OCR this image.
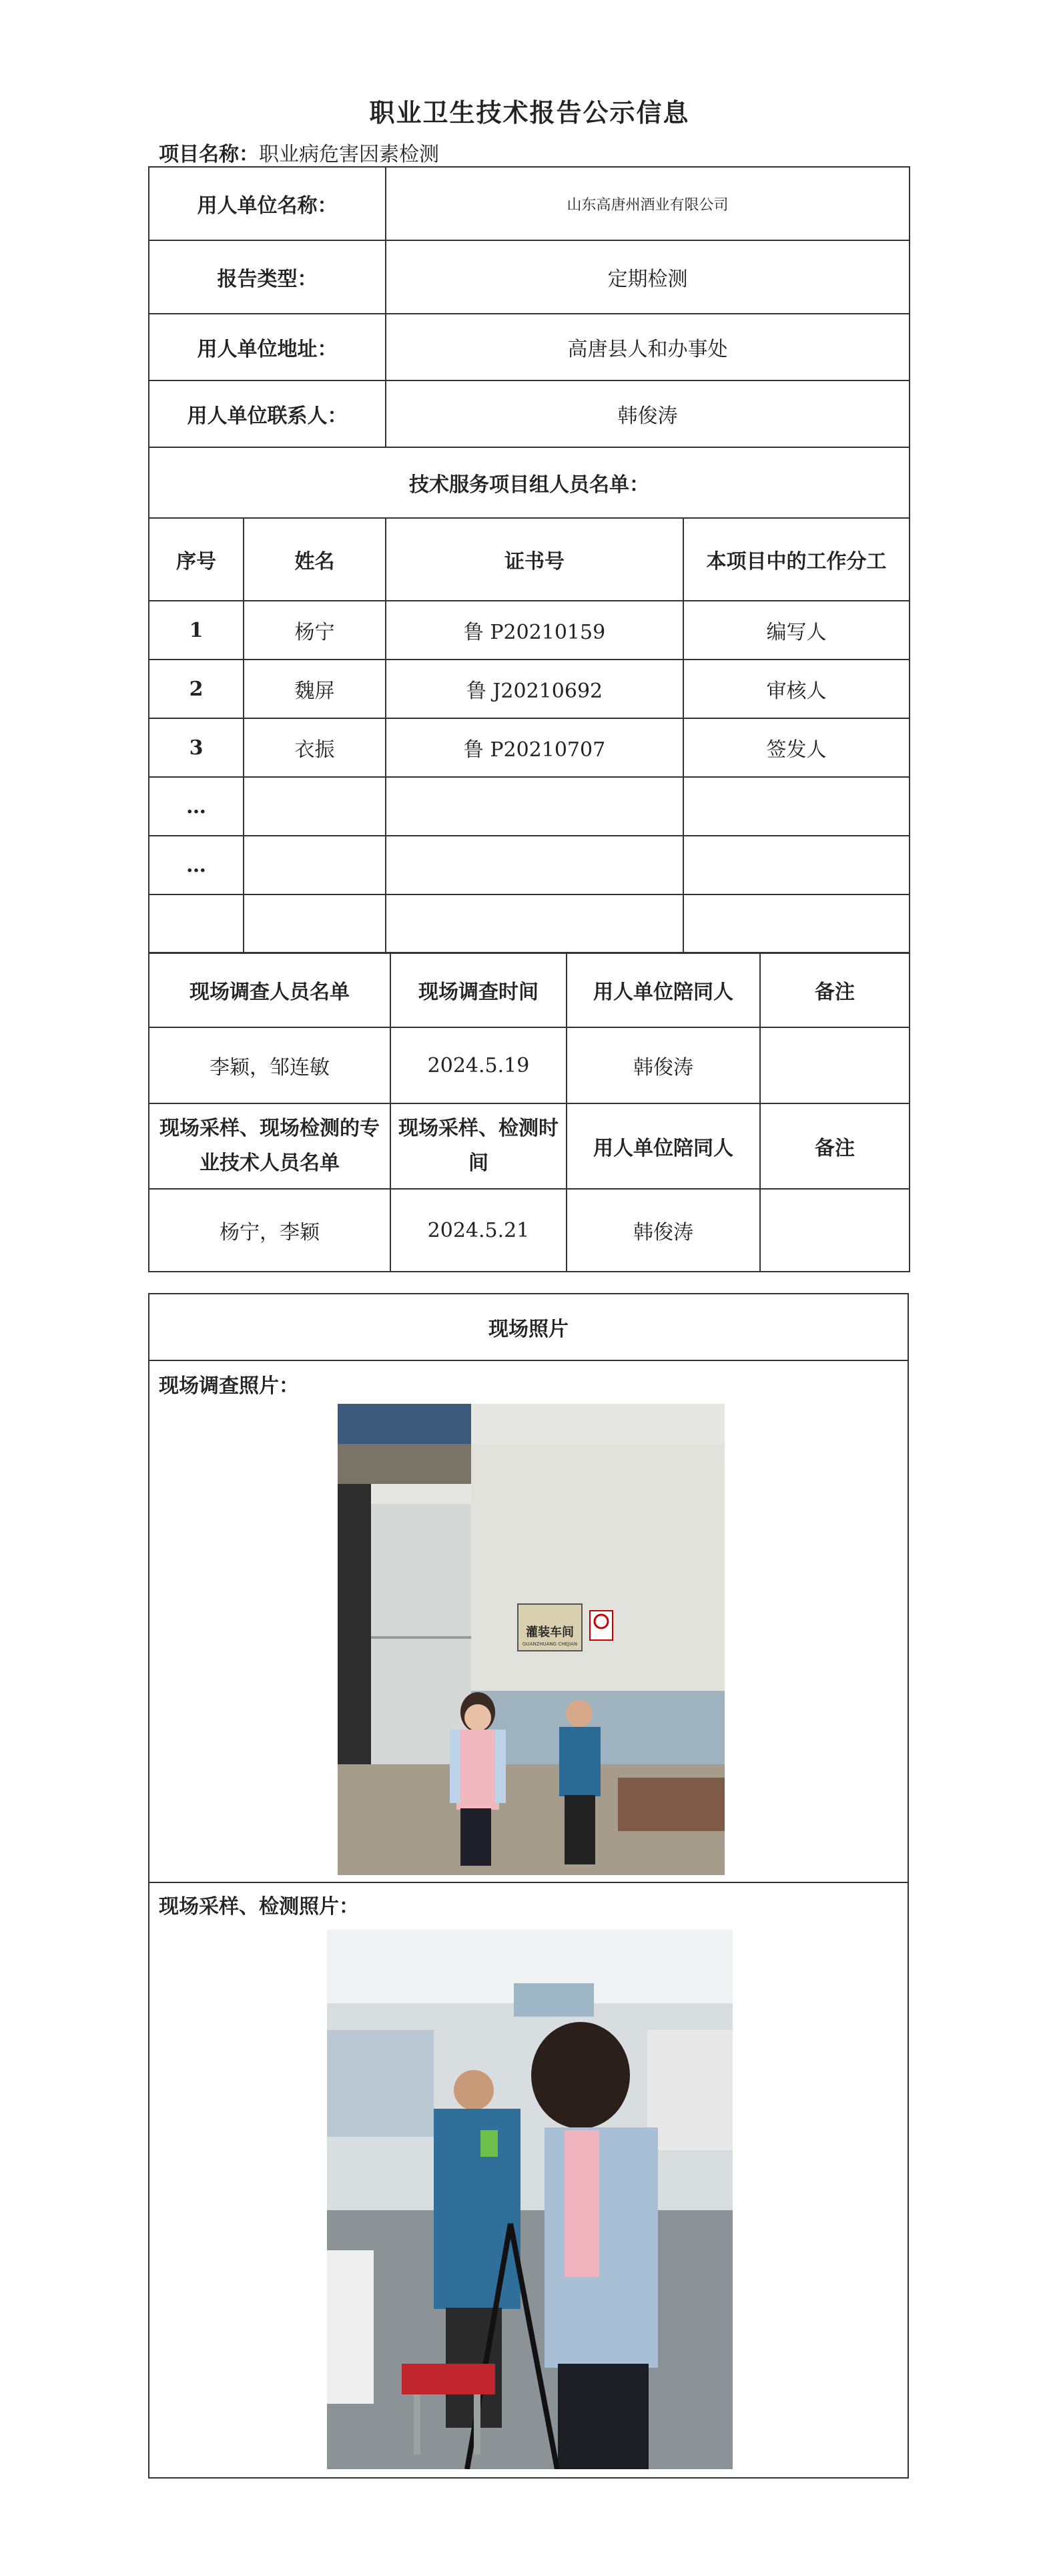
职业卫生技术报告公示信息
项目名称：职业病危害因素检测
用人单位名称：		山东高唐州酒业有限公司	
报告类型：		定期检测	
用人单位地址：		高唐县人和办事处	
用人单位联系人：		韩俊涛	
技术服务项目组人员名单：			
序号	姓名	证书号	本项目中的工作分工
1	杨宁	鲁 P20210159	编写人
2	魏屏	鲁 J20210692	审核人
3	衣振	鲁 P20210707	签发人
…			
…			

现场调查人员名单	现场调查时间	用人单位陪同人	备注
李颖，邹连敏	2024.5.19	韩俊涛	
现场采样、现场检测的专业技术人员名单	现场采样、检测时间	用人单位陪同人	备注
杨宁，李颖	2024.5.21	韩俊涛	
现场照片
现场调查照片：
灌装车间
GUANZHUANG CHEJIAN
现场采样、检测照片：
